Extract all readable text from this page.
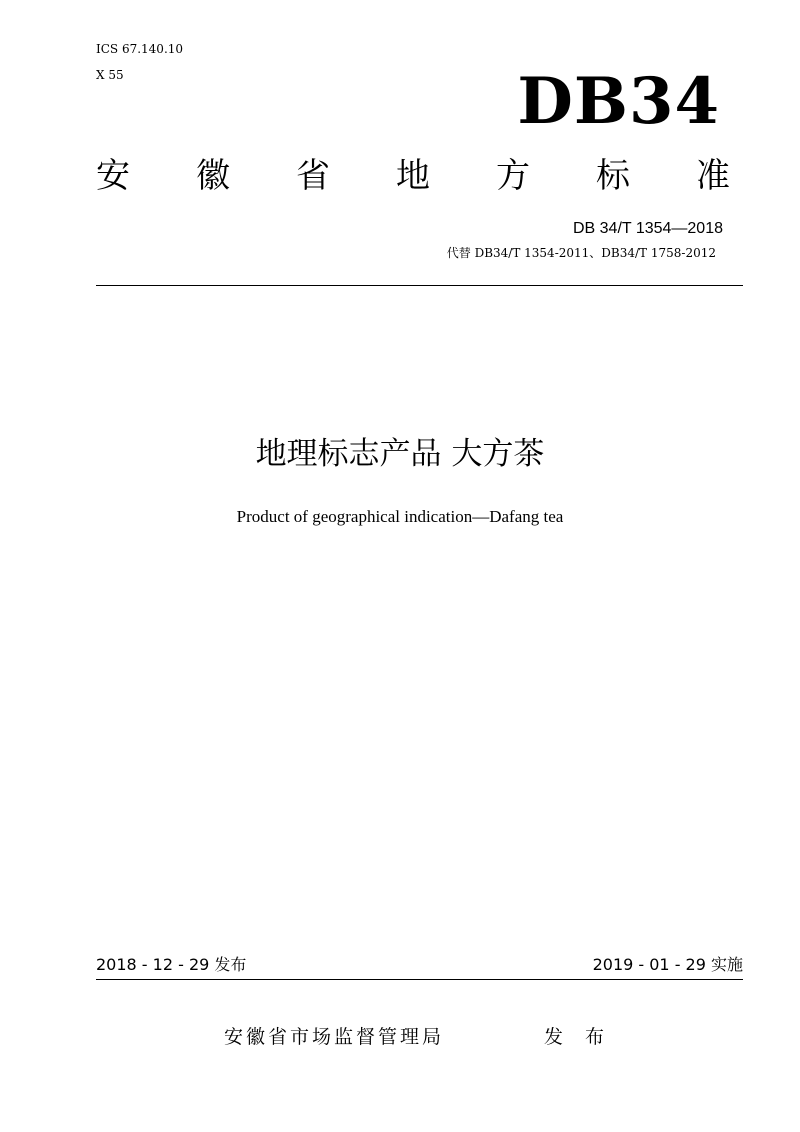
ICS 67.140.10
X 55	DB34
安 徽 省 地 方 标 准
DB 34/T 1354—2018
代替 DB34/T 1354-2011、DB34/T 1758-2012
地理标志产品 大方茶
Product of geographical indication—Dafang tea
2018 - 12 - 29 发布	2019 - 01 - 29 实施
安徽省市场监督管理局	发 布
